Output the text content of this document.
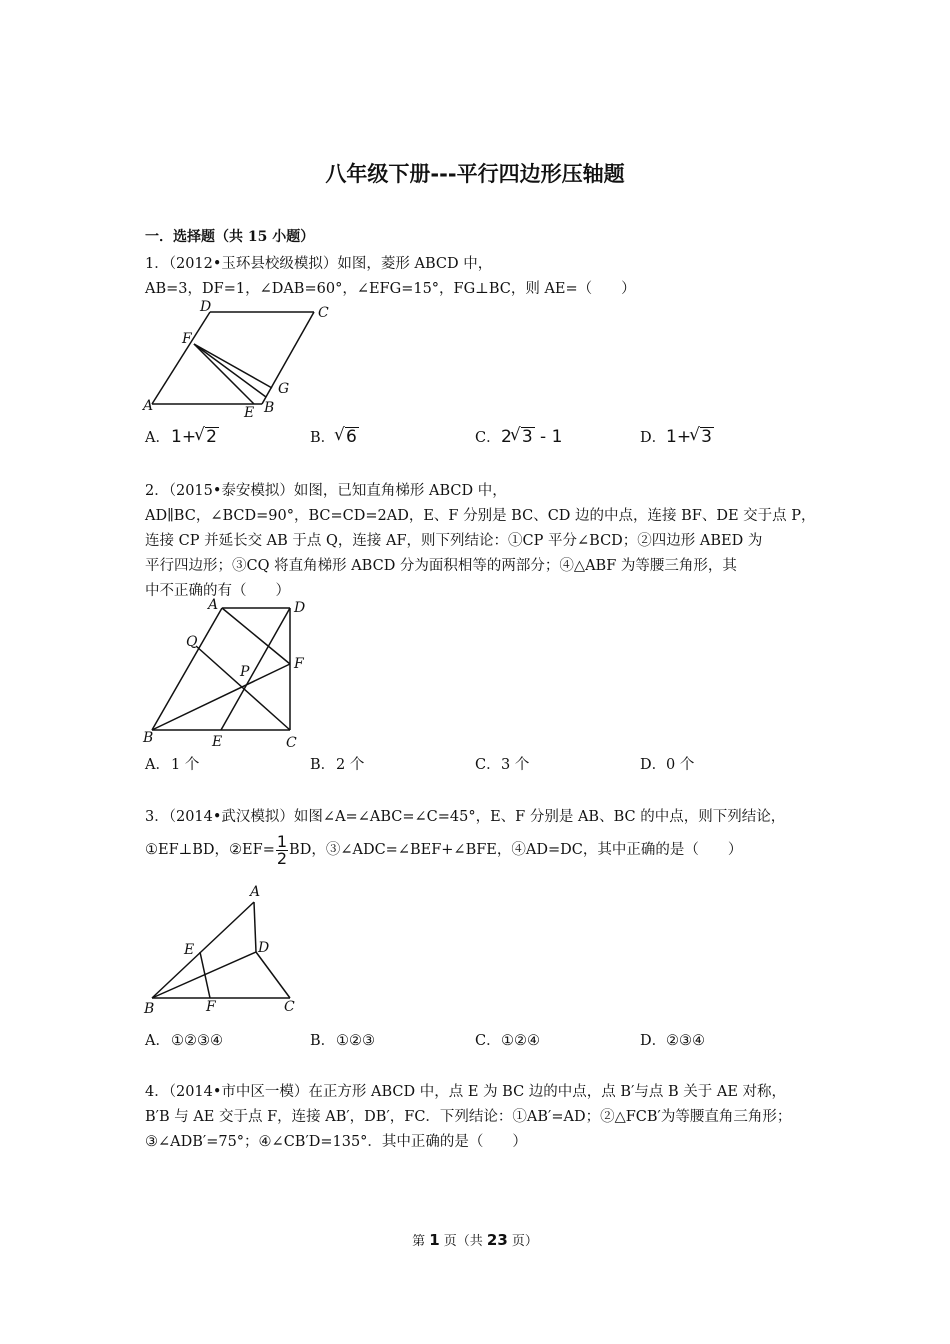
八年级下册---平行四边形压轴题
一．选择题（共 15 小题）
1．（2012•玉环县校级模拟）如图，菱形 ABCD 中，
AB=3，DF=1，∠DAB=60°，∠EFG=15°，FG⊥BC，则 AE=（　　）
D	C
F
G
A	E B
A．1+ √ 2	B． √ 6	C．2 √ 3 - 1	D．1+ √ 3
2．（2015•泰安模拟）如图，已知直角梯形 ABCD 中，
AD∥BC，∠BCD=90°，BC=CD=2AD，E、F 分别是 BC、CD 边的中点，连接 BF、DE 交于点 P，
连接 CP 并延长交 AB 于点 Q，连接 AF，则下列结论：①CP 平分∠BCD；②四边形 ABED 为
平行四边形；③CQ 将直角梯形 ABCD 分为面积相等的两部分；④△ABF 为等腰三角形，其
中不正确的有（　　）
A	D
Q
F
P
B	E	C
A．1 个	B．2 个	C．3 个	D．0 个
3．（2014•武汉模拟）如图∠A=∠ABC=∠C=45°，E、F 分别是 AB、BC 的中点，则下列结论，
①EF⊥BD，②EF= $\frac{1}{2}$ BD，③∠ADC=∠BEF+∠BFE，④AD=DC，其中正确的是（　　）
A
E	D
B	F	C
A．①②③④	B．①②③	C．①②④	D．②③④
4．（2014•市中区一模）在正方形 ABCD 中，点 E 为 BC 边的中点，点 B′与点 B 关于 AE 对称，
B′B 与 AE 交于点 F，连接 AB′，DB′，FC．下列结论：①AB′=AD；②△FCB′为等腰直角三角形；
③∠ADB′=75°；④∠CB′D=135°．其中正确的是（　　）
第 1 页（共 23 页）
